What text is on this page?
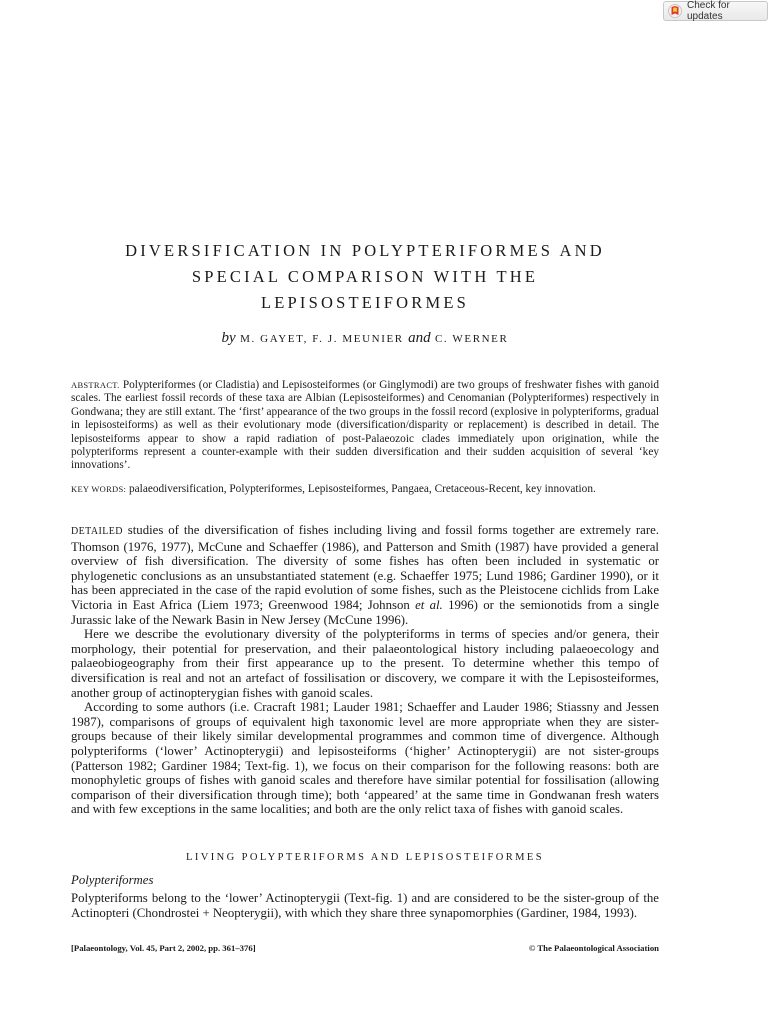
Check for updates
DIVERSIFICATION IN POLYPTERIFORMES AND
SPECIAL COMPARISON WITH THE
LEPISOSTEIFORMES
by M. GAYET, F. J. MEUNIER and C. WERNER

ABSTRACT. Polypteriformes (or Cladistia) and Lepisosteiformes (or Ginglymodi) are two groups of freshwater fishes with ganoid scales. The earliest fossil records of these taxa are Albian (Lepisosteiformes) and Cenomanian (Polypteriformes) respectively in Gondwana; they are still extant. The ‘first’ appearance of the two groups in the fossil record (explosive in polypteriforms, gradual in lepisosteiforms) as well as their evolutionary mode (diversification/disparity or replacement) is described in detail. The lepisosteiforms appear to show a rapid radiation of post-Palaeozoic clades immediately upon origination, while the polypteriforms represent a counter-example with their sudden diversification and their sudden acquisition of several ‘key innovations’.

KEY WORDS: palaeodiversification, Polypteriformes, Lepisosteiformes, Pangaea, Cretaceous-Recent, key innovation.

DETAILED studies of the diversification of fishes including living and fossil forms together are extremely rare. Thomson (1976, 1977), McCune and Schaeffer (1986), and Patterson and Smith (1987) have provided a general overview of fish diversification. The diversity of some fishes has often been included in systematic or phylogenetic conclusions as an unsubstantiated statement (e.g. Schaeffer 1975; Lund 1986; Gardiner 1990), or it has been appreciated in the case of the rapid evolution of some fishes, such as the Pleistocene cichlids from Lake Victoria in East Africa (Liem 1973; Greenwood 1984; Johnson et al. 1996) or the semionotids from a single Jurassic lake of the Newark Basin in New Jersey (McCune 1996).

Here we describe the evolutionary diversity of the polypteriforms in terms of species and/or genera, their morphology, their potential for preservation, and their palaeontological history including palaeoecology and palaeobiogeography from their first appearance up to the present. To determine whether this tempo of diversification is real and not an artefact of fossilisation or discovery, we compare it with the Lepisosteiformes, another group of actinopterygian fishes with ganoid scales.

According to some authors (i.e. Cracraft 1981; Lauder 1981; Schaeffer and Lauder 1986; Stiassny and Jessen 1987), comparisons of groups of equivalent high taxonomic level are more appropriate when they are sister-groups because of their likely similar developmental programmes and common time of divergence. Although polypteriforms (‘lower’ Actinopterygii) and lepisosteiforms (‘higher’ Actinopterygii) are not sister-groups (Patterson 1982; Gardiner 1984; Text-fig. 1), we focus on their comparison for the following reasons: both are monophyletic groups of fishes with ganoid scales and therefore have similar potential for fossilisation (allowing comparison of their diversification through time); both ‘appeared’ at the same time in Gondwanan fresh waters and with few exceptions in the same localities; and both are the only relict taxa of fishes with ganoid scales.

LIVING POLYPTERIFORMS AND LEPISOSTEIFORMES
Polypteriformes

Polypteriforms belong to the ‘lower’ Actinopterygii (Text-fig. 1) and are considered to be the sister-group of the Actinopteri (Chondrostei + Neopterygii), with which they share three synapomorphies (Gardiner, 1984, 1993).

[Palaeontology, Vol. 45, Part 2, 2002, pp. 361–376]	© The Palaeontological Association
